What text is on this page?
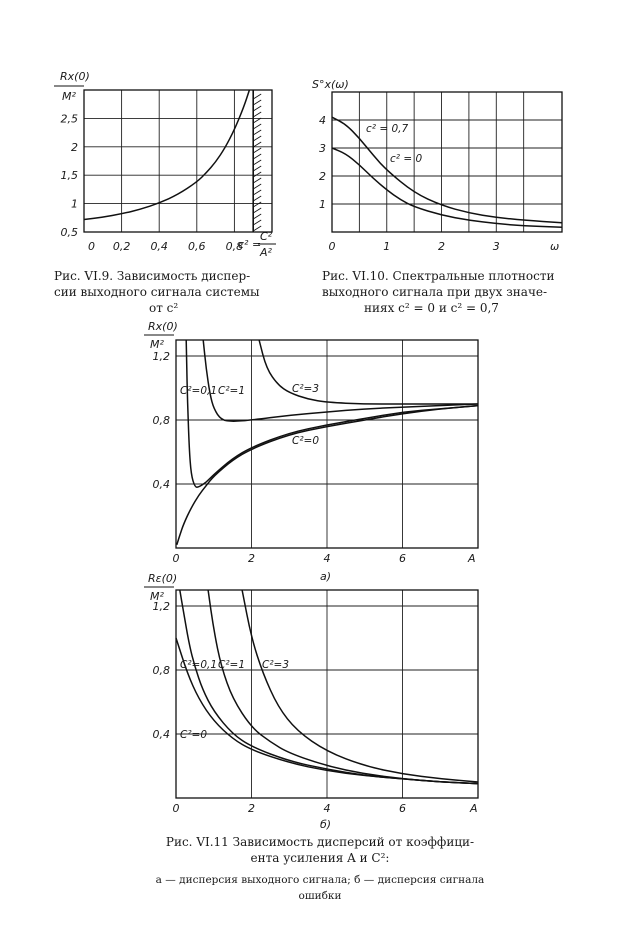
0 0,2 0,4 0,6 0,8
0,5
1
1,5
2
2,5
Rx(0)
M²
c² =
C²
A²
Рис. VI.9. Зависимость диспер-
сии выходного сигнала системы
от c²
0	1	2	3
1
2
3
4
S°x(ω)
ω
c² = 0,7
c² = 0
Рис. VI.10. Спектральные плотности
выходного сигнала при двух значе-
ниях c² = 0 и c² = 0,7
0	2	4	6
0,4
0,8
1,2
Rx(0)
M²
A
а)
C²=0,1 C²=1	C²=3
C²=0
0	2	4	6
0,4
0,8
1,2
Rε(0)
M²
A
б)
C²=0,1 C²=1 C²=3
C²=0
Рис. VI.11 Зависимость дисперсий от коэффици-
ента усиления A и C²:
а — дисперсия выходного сигнала; б — дисперсия сигнала ошибки
